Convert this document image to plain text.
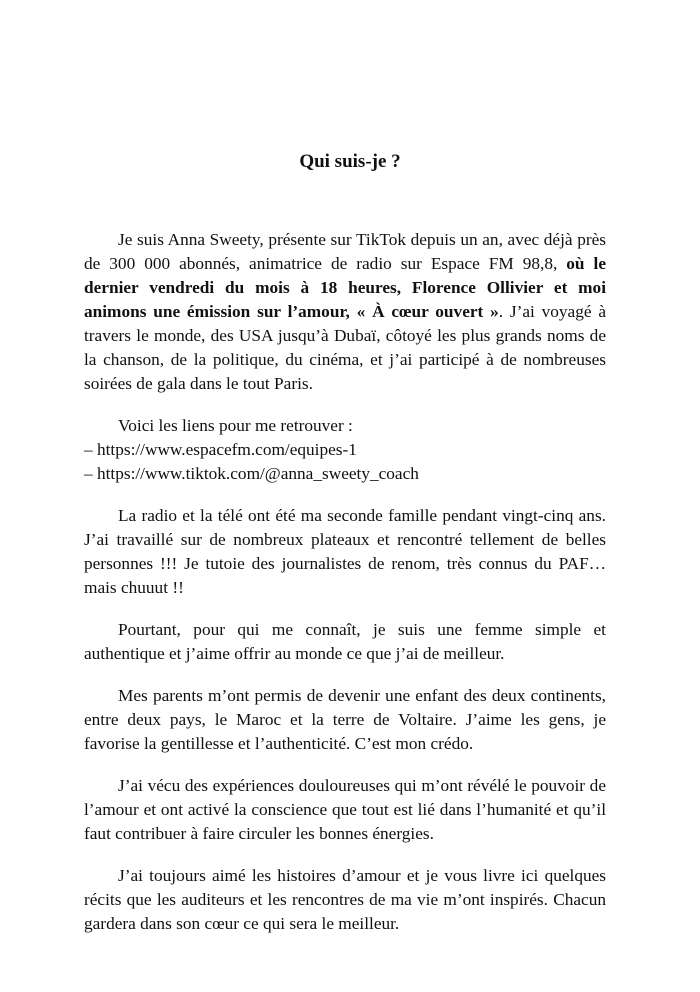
Qui suis-je ?

Je suis Anna Sweety, présente sur TikTok depuis un an, avec déjà près de 300 000 abonnés, animatrice de radio sur Espace FM 98,8, où le dernier vendredi du mois à 18 heures, Florence Ollivier et moi animons une émission sur l’amour, « À cœur ouvert ». J’ai voyagé à travers le monde, des USA jusqu’à Dubaï, côtoyé les plus grands noms de la chanson, de la politique, du cinéma, et j’ai participé à de nombreuses soirées de gala dans le tout Paris.

Voici les liens pour me retrouver :
– https://www.espacefm.com/equipes-1
– https://www.tiktok.com/@anna_sweety_coach

La radio et la télé ont été ma seconde famille pendant vingt-cinq ans. J’ai travaillé sur de nombreux plateaux et rencontré tellement de belles personnes !!! Je tutoie des journalistes de renom, très connus du PAF… mais chuuut !!

Pourtant, pour qui me connaît, je suis une femme simple et authentique et j’aime offrir au monde ce que j’ai de meilleur.

Mes parents m’ont permis de devenir une enfant des deux continents, entre deux pays, le Maroc et la terre de Voltaire. J’aime les gens, je favorise la gentillesse et l’authenticité. C’est mon crédo.

J’ai vécu des expériences douloureuses qui m’ont révélé le pouvoir de l’amour et ont activé la conscience que tout est lié dans l’humanité et qu’il faut contribuer à faire circuler les bonnes énergies.

J’ai toujours aimé les histoires d’amour et je vous livre ici quelques récits que les auditeurs et les rencontres de ma vie m’ont inspirés. Chacun gardera dans son cœur ce qui sera le meilleur.
